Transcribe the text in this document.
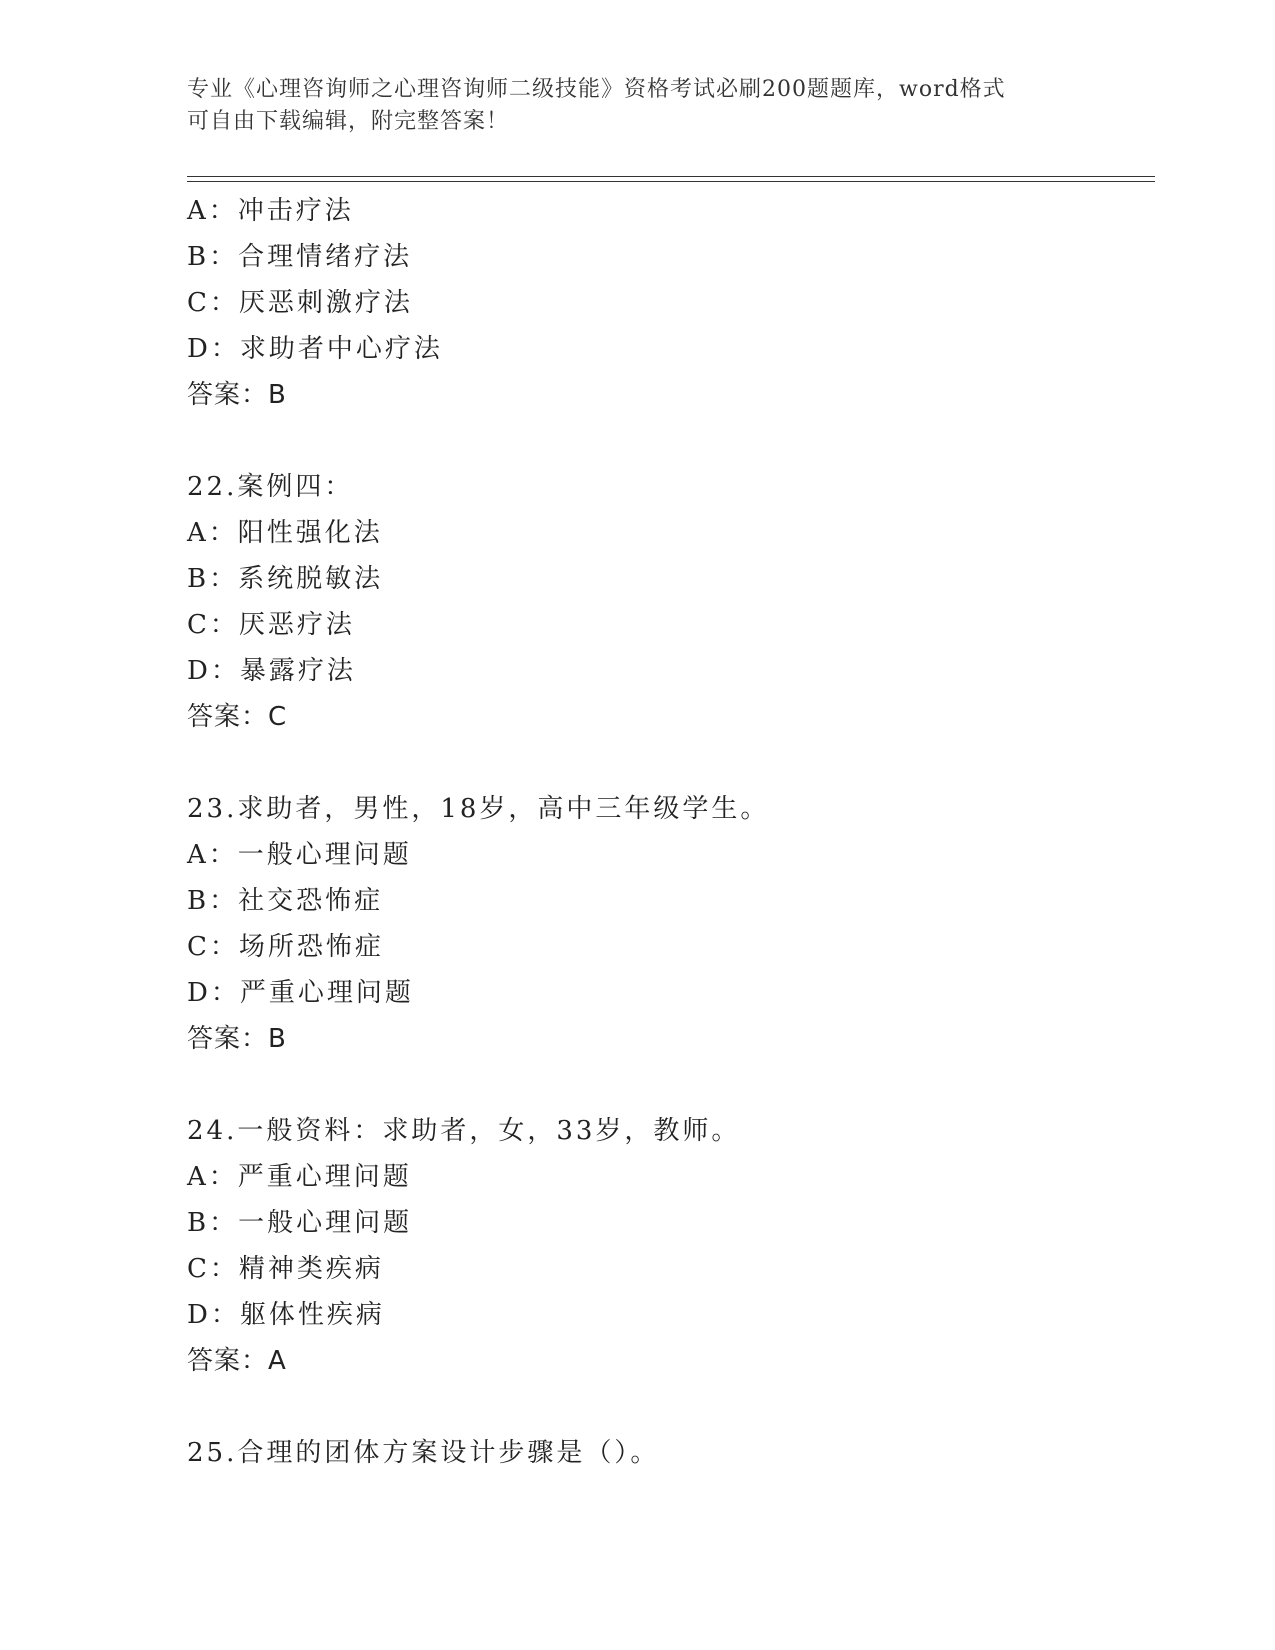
专业《心理咨询师之心理咨询师二级技能》资格考试必刷200题题库，word格式
可自由下载编辑，附完整答案！
A：冲击疗法
B：合理情绪疗法
C：厌恶刺激疗法
D：求助者中心疗法
答案：B
22.案例四：
A：阳性强化法
B：系统脱敏法
C：厌恶疗法
D：暴露疗法
答案：C
23.求助者，男性，18岁，高中三年级学生。
A：一般心理问题
B：社交恐怖症
C：场所恐怖症
D：严重心理问题
答案：B
24.一般资料：求助者，女，33岁，教师。
A：严重心理问题
B：一般心理问题
C：精神类疾病
D：躯体性疾病
答案：A
25.合理的团体方案设计步骤是（）。
